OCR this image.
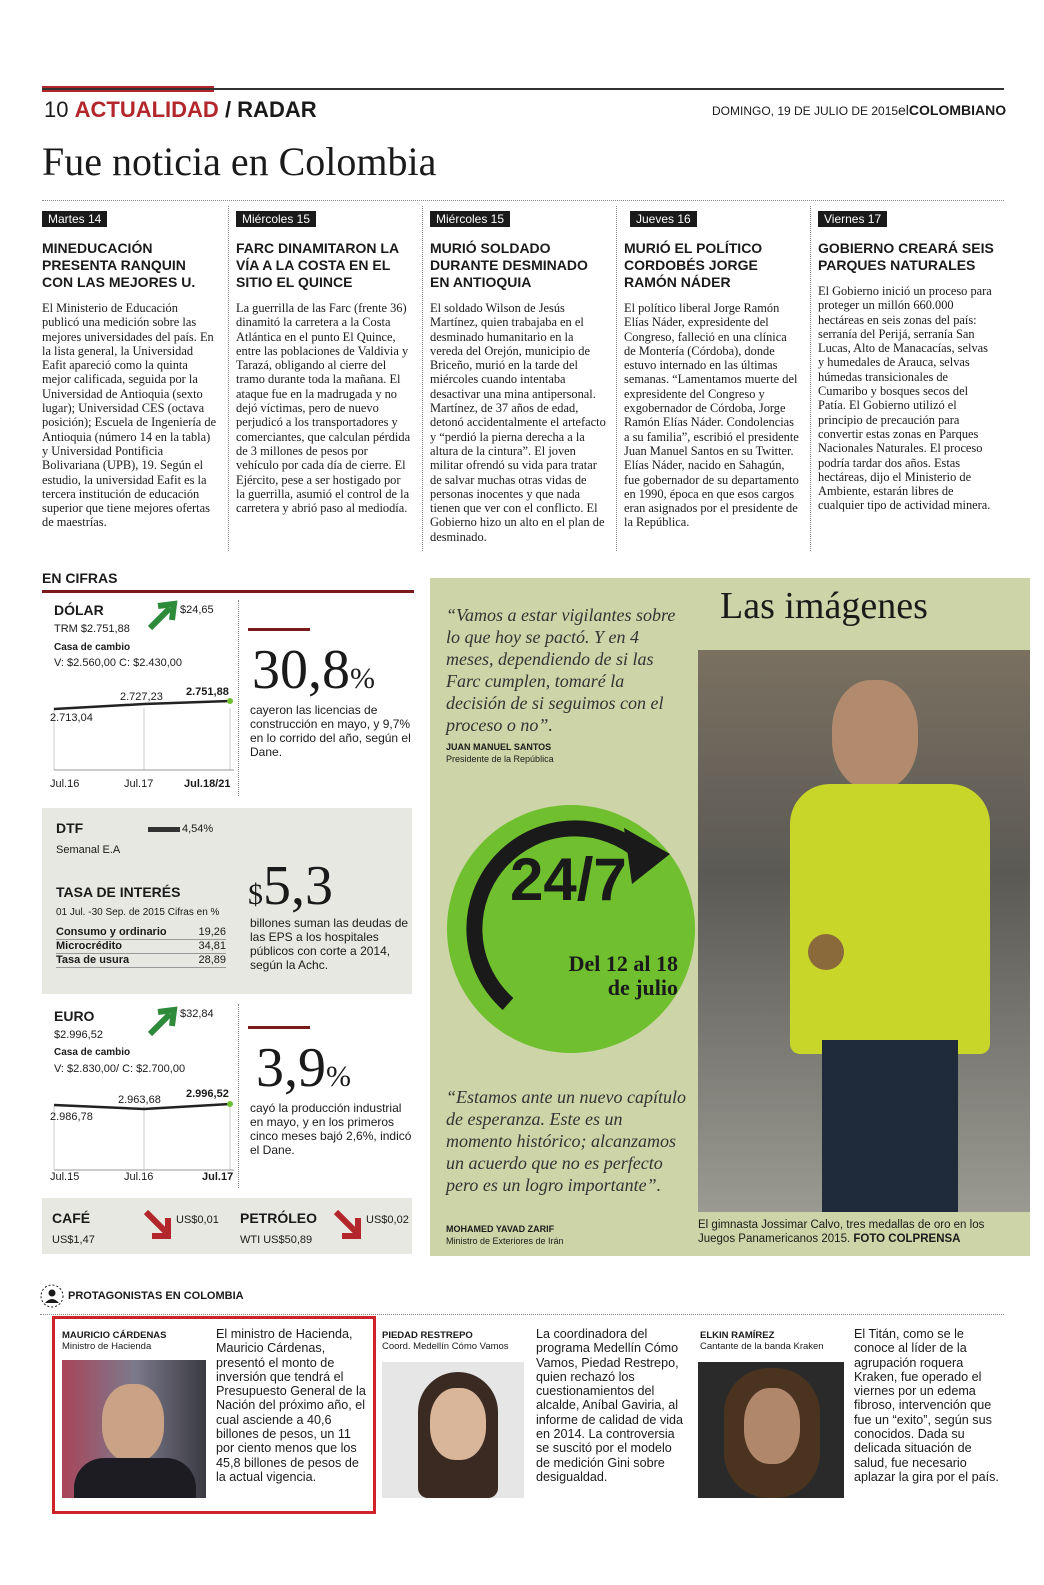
10 ACTUALIDAD / RADAR	DOMINGO, 19 DE JULIO DE 2015 elCOLOMBIANO
Fue noticia en Colombia
Martes 14
MINEDUCACIÓN PRESENTA RANQUIN CON LAS MEJORES U.

El Ministerio de Educación publicó una medición sobre las mejores universidades del país. En la lista general, la Universidad Eafit apareció como la quinta mejor calificada, seguida por la Universidad de Antioquia (sexto lugar); Universidad CES (octava posición); Escuela de Ingeniería de Antioquia (número 14 en la tabla) y Universidad Pontificia Bolivariana (UPB), 19. Según el estudio, la universidad Eafit es la tercera institución de educación superior que tiene mejores ofertas de maestrías.

Miércoles 15
FARC DINAMITARON LA VÍA A LA COSTA EN EL SITIO EL QUINCE

La guerrilla de las Farc (frente 36) dinamitó la carretera a la Costa Atlántica en el punto El Quince, entre las poblaciones de Valdivia y Tarazá, obligando al cierre del tramo durante toda la mañana. El ataque fue en la madrugada y no dejó víctimas, pero de nuevo perjudicó a los transportadores y comerciantes, que calculan pérdida de 3 millones de pesos por vehículo por cada día de cierre. El Ejército, pese a ser hostigado por la guerrilla, asumió el control de la carretera y abrió paso al mediodía.

Miércoles 15
MURIÓ SOLDADO DURANTE DESMINADO EN ANTIOQUIA

El soldado Wilson de Jesús Martínez, quien trabajaba en el desminado humanitario en la vereda del Orejón, municipio de Briceño, murió en la tarde del miércoles cuando intentaba desactivar una mina antipersonal. Martínez, de 37 años de edad, detonó accidentalmente el artefacto y “perdió la pierna derecha a la altura de la cintura”. El joven militar ofrendó su vida para tratar de salvar muchas otras vidas de personas inocentes y que nada tienen que ver con el conflicto. El Gobierno hizo un alto en el plan de desminado.

Jueves 16
MURIÓ EL POLÍTICO CORDOBÉS JORGE RAMÓN NÁDER

El político liberal Jorge Ramón Elías Náder, expresidente del Congreso, falleció en una clínica de Montería (Córdoba), donde estuvo internado en las últimas semanas. “Lamentamos muerte del expresidente del Congreso y exgobernador de Córdoba, Jorge Ramón Elías Náder. Condolencias a su familia”, escribió el presidente Juan Manuel Santos en su Twitter. Elías Náder, nacido en Sahagún, fue gobernador de su departamento en 1990, época en que esos cargos eran asignados por el presidente de la República.

Viernes 17
GOBIERNO CREARÁ SEIS PARQUES NATURALES

El Gobierno inició un proceso para proteger un millón 660.000 hectáreas en seis zonas del país: serranía del Perijá, serranía San Lucas, Alto de Manacacías, selvas y humedales de Arauca, selvas húmedas transicionales de Cumaribo y bosques secos del Patía. El Gobierno utilizó el principio de precaución para convertir estas zonas en Parques Nacionales Naturales. El proceso podría tardar dos años. Estas hectáreas, dijo el Ministerio de Ambiente, estarán libres de cualquier tipo de actividad minera.

EN CIFRAS
DÓLAR	$24,65
TRM $2.751,88
Casa de cambio
V: $2.560,00 C: $2.430,00
2.713,04
2.727,23 2.751,88
Jul.16	Jul.17	Jul.18/21
30,8%
cayeron las licencias de construcción en mayo, y 9,7% en lo corrido del año, según el Dane.
DTF	4,54%
Semanal E.A
TASA DE INTERÉS
01 Jul. -30 Sep. de 2015 Cifras en %
Consumo y ordinario	19,26
Microcrédito	34,81
Tasa de usura	28,89
$5,3
billones suman las deudas de las EPS a los hospitales públicos con corte a 2014, según la Achc.
EURO	$32,84
$2.996,52
Casa de cambio
V: $2.830,00/ C: $2.700,00
2.986,78
2.963,68 2.996,52
Jul.15	Jul.16	Jul.17
3,9%
cayó la producción industrial en mayo, y en los primeros cinco meses bajó 2,6%, indicó el Dane.
CAFÉ
US$1,47
US$0,01 PETRÓLEO
WTI US$50,89
US$0,02
Las imágenes
“Vamos a estar vigilantes sobre lo que hoy se pactó. Y en 4 meses, dependiendo de si las Farc cumplen, tomaré la decisión de si seguimos con el proceso o no”.
JUAN MANUEL SANTOS
Presidente de la República
24/7
Del 12 al 18
de julio
“Estamos ante un nuevo capítulo de esperanza. Este es un momento histórico; alcanzamos un acuerdo que no es perfecto pero es un logro importante”.
MOHAMED YAVAD ZARIF
Ministro de Exteriores de Irán
El gimnasta Jossimar Calvo, tres medallas de oro en los Juegos Panamericanos 2015. FOTO COLPRENSA
PROTAGONISTAS EN COLOMBIA
MAURICIO CÁRDENAS
Ministro de Hacienda
El ministro de Hacienda, Mauricio Cárdenas, presentó el monto de inversión que tendrá el Presupuesto General de la Nación del próximo año, el cual asciende a 40,6 billones de pesos, un 11 por ciento menos que los 45,8 billones de pesos de la actual vigencia.
PIEDAD RESTREPO
Coord. Medellín Cómo Vamos
La coordinadora del programa Medellín Cómo Vamos, Piedad Restrepo, quien rechazó los cuestionamientos del alcalde, Aníbal Gaviria, al informe de calidad de vida en 2014. La controversia se suscitó por el modelo de medición Gini sobre desigualdad.
ELKIN RAMÍREZ
Cantante de la banda Kraken
El Titán, como se le conoce al líder de la agrupación roquera Kraken, fue operado el viernes por un edema fibroso, intervención que fue un “exito”, según sus conocidos. Dada su delicada situación de salud, fue necesario aplazar la gira por el país.
